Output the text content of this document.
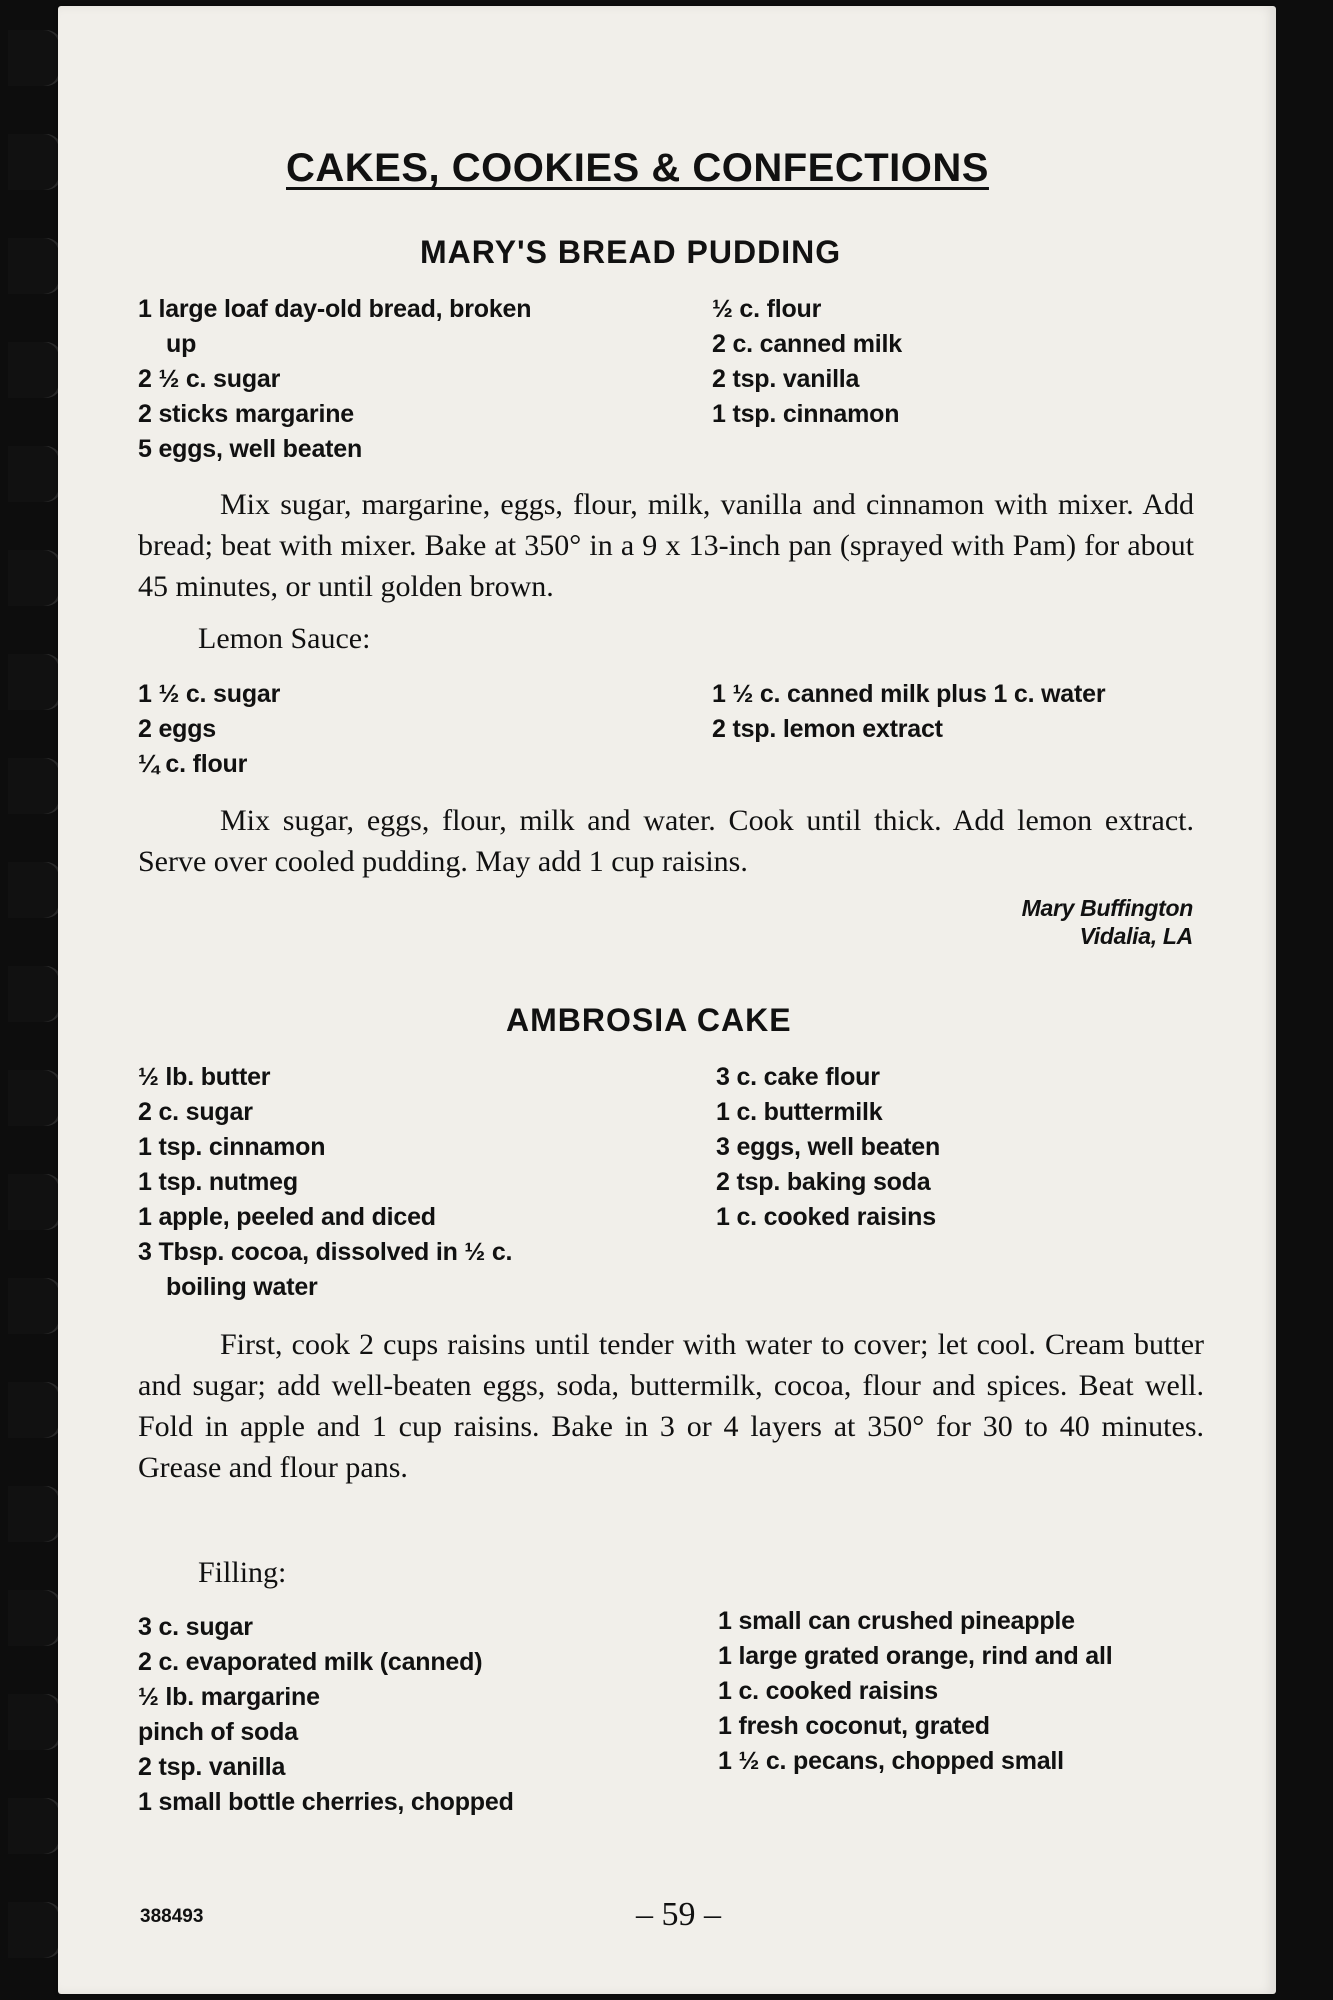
CAKES, COOKIES & CONFECTIONS
MARY'S BREAD PUDDING
1 large loaf day-old bread, broken
up
2 ½ c. sugar
2 sticks margarine
5 eggs, well beaten
½ c. flour
2 c. canned milk
2 tsp. vanilla
1 tsp. cinnamon

Mix sugar, margarine, eggs, flour, milk, vanilla and cinnamon with mixer. Add bread; beat with mixer. Bake at 350° in a 9 x 13-inch pan (sprayed with Pam) for about 45 minutes, or until golden brown.

Lemon Sauce:
1 ½ c. sugar
2 eggs
¼ c. flour
1 ½ c. canned milk plus 1 c. water
2 tsp. lemon extract

Mix sugar, eggs, flour, milk and water. Cook until thick. Add lemon extract. Serve over cooled pudding. May add 1 cup raisins.

Mary Buffington
Vidalia, LA
AMBROSIA CAKE
½ lb. butter
2 c. sugar
1 tsp. cinnamon
1 tsp. nutmeg
1 apple, peeled and diced
3 Tbsp. cocoa, dissolved in ½ c.
boiling water
3 c. cake flour
1 c. buttermilk
3 eggs, well beaten
2 tsp. baking soda
1 c. cooked raisins

First, cook 2 cups raisins until tender with water to cover; let cool. Cream butter and sugar; add well-beaten eggs, soda, buttermilk, cocoa, flour and spices. Beat well. Fold in apple and 1 cup raisins. Bake in 3 or 4 layers at 350° for 30 to 40 minutes. Grease and flour pans.

Filling:
3 c. sugar
2 c. evaporated milk (canned)
½ lb. margarine
pinch of soda
2 tsp. vanilla
1 small bottle cherries, chopped
1 small can crushed pineapple
1 large grated orange, rind and all
1 c. cooked raisins
1 fresh coconut, grated
1 ½ c. pecans, chopped small
388493	– 59 –
